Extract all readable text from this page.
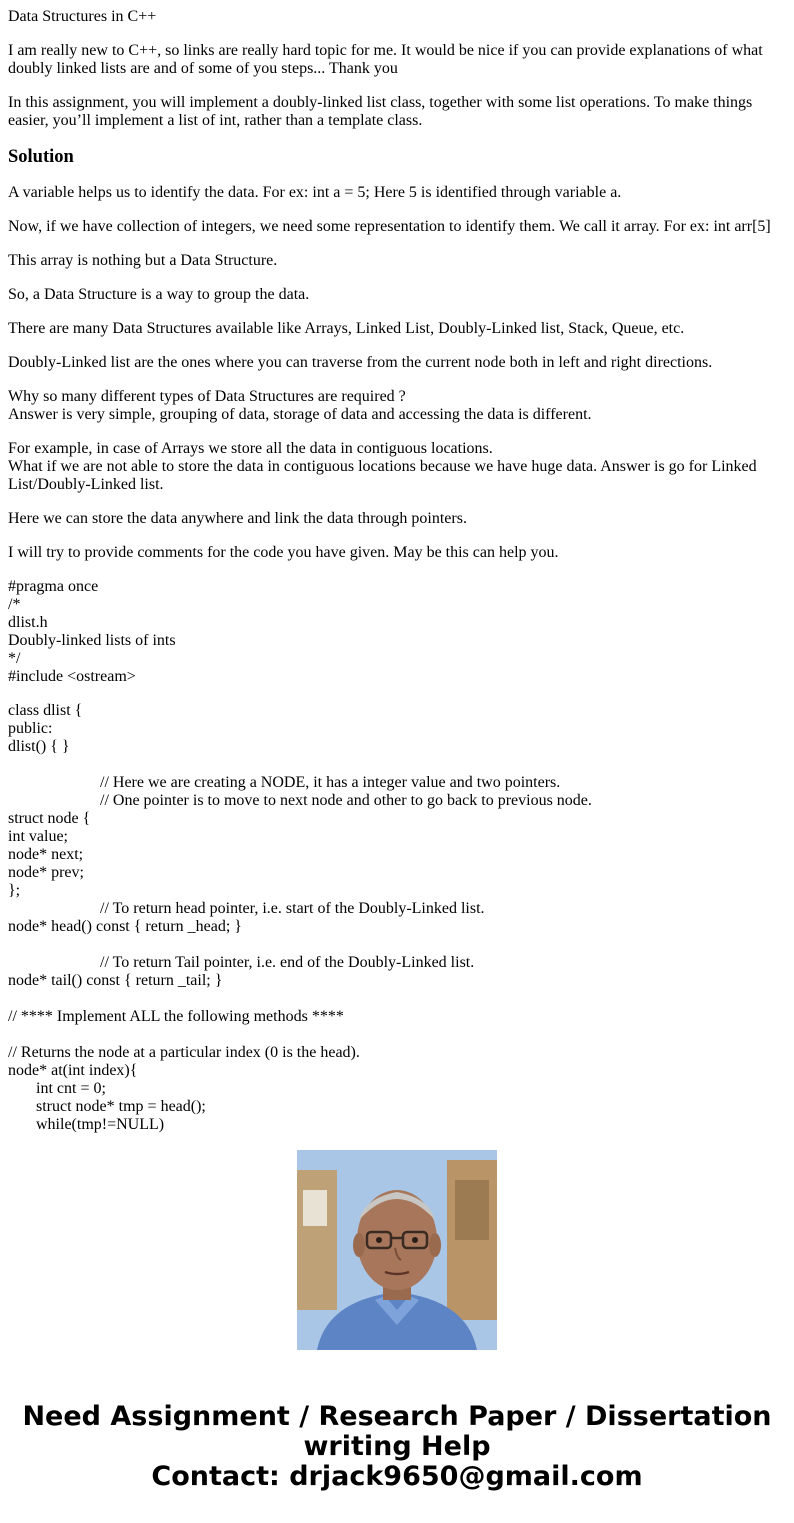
Data Structures in C++

I am really new to C++, so links are really hard topic for me. It would be nice if you can provide explanations of what doubly linked lists are and of some of you steps... Thank you

In this assignment, you will implement a doubly-linked list class, together with some list operations. To make things easier, you’ll implement a list of int, rather than a template class.

Solution

A variable helps us to identify the data. For ex: int a = 5; Here 5 is identified through variable a.

Now, if we have collection of integers, we need some representation to identify them. We call it array. For ex: int arr[5]

This array is nothing but a Data Structure.

So, a Data Structure is a way to group the data.

There are many Data Structures available like Arrays, Linked List, Doubly-Linked list, Stack, Queue, etc.

Doubly-Linked list are the ones where you can traverse from the current node both in left and right directions.

Why so many different types of Data Structures are required ?
Answer is very simple, grouping of data, storage of data and accessing the data is different.

For example, in case of Arrays we store all the data in contiguous locations.
What if we are not able to store the data in contiguous locations because we have huge data. Answer is go for Linked List/Doubly-Linked list.

Here we can store the data anywhere and link the data through pointers.

I will try to provide comments for the code you have given. May be this can help you.

#pragma once
/*
dlist.h
Doubly-linked lists of ints
*/
#include <ostream>
class dlist {
public:
dlist() { }
// Here we are creating a NODE, it has a integer value and two pointers.
// One pointer is to move to next node and other to go back to previous node.
struct node {
int value;
node* next;
node* prev;
};
// To return head pointer, i.e. start of the Doubly-Linked list.
node* head() const { return _head; }
// To return Tail pointer, i.e. end of the Doubly-Linked list.
node* tail() const { return _tail; }
// **** Implement ALL the following methods ****
// Returns the node at a particular index (0 is the head).
node* at(int index){
int cnt = 0;
struct node* tmp = head();
while(tmp!=NULL)
Need Assignment / Research Paper / Dissertation writing Help
Contact: drjack9650@gmail.com
